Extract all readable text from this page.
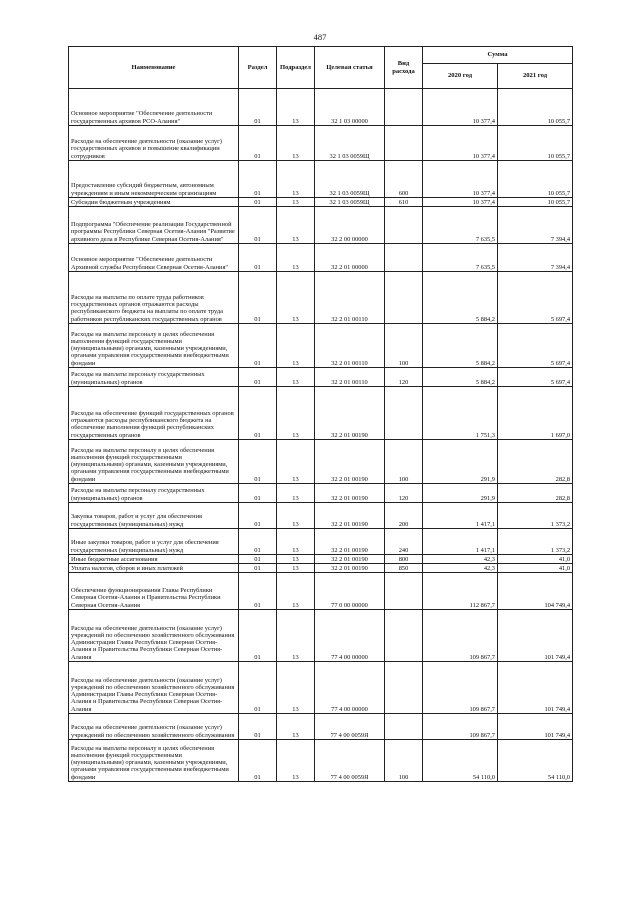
487
Наименование	Раздел	Подраздел	Целевая статья	Вид расхода	Сумма	
					2020 год	2021 год
Основное мероприятие "Обеспечение деятельности государственных архивов РСО-Алания"	01	13	32 1 03 00000		10 377,4	10 055,7
Расходы на обеспечение деятельности (оказание услуг) государственных архивов и повышение квалификации сотрудников	01	13	32 1 03 0059Щ		10 377,4	10 055,7
Предоставление субсидий бюджетным, автономным учреждениям и иным некоммерческим организациям	01	13	32 1 03 0059Щ	600	10 377,4	10 055,7
Субсидии бюджетным учреждениям	01	13	32 1 03 0059Щ	610	10 377,4	10 055,7
Подпрограмма "Обеспечение реализации Государственной программы Республики Северная Осетия-Алания "Развитие архивного дела в Республике Северная Осетия-Алания"	01	13	32 2 00 00000		7 635,5	7 394,4
Основное мероприятие "Обеспечение деятельности Архивной службы Республики Северная Осетия-Алания"	01	13	32 2 01 00000		7 635,5	7 394,4
Расходы на выплаты по оплате труда работников государственных органов отражаются расходы республиканского бюджета на выплаты по оплате труда работников республиканских государственных органов	01	13	32 2 01 00110		5 884,2	5 697,4
Расходы на выплаты персоналу в целях обеспечения выполнения функций государственными (муниципальными) органами, казенными учреждениями, органами управления государственными внебюджетными фондами	01	13	32 2 01 00110	100	5 884,2	5 697,4
Расходы на выплаты персоналу государственных (муниципальных) органов	01	13	32 2 01 00110	120	5 884,2	5 697,4
Расходы на обеспечение функций государственных органов отражаются расходы республиканского бюджета на обеспечение выполнения функций республиканских государственных органов	01	13	32 2 01 00190		1 751,3	1 697,0
Расходы на выплаты персоналу в целях обеспечения выполнения функций государственными (муниципальными) органами, казенными учреждениями, органами управления государственными внебюджетными фондами	01	13	32 2 01 00190	100	291,9	282,8
Расходы на выплаты персоналу государственных (муниципальных) органов	01	13	32 2 01 00190	120	291,9	282,8
Закупка товаров, работ и услуг для обеспечения государственных (муниципальных) нужд	01	13	32 2 01 00190	200	1 417,1	1 373,2
Иные закупки товаров, работ и услуг для обеспечения государственных (муниципальных) нужд	01	13	32 2 01 00190	240	1 417,1	1 373,2
Иные бюджетные ассигнования	01	13	32 2 01 00190	800	42,3	41,0
Уплата налогов, сборов и иных платежей	01	13	32 2 01 00190	850	42,3	41,0
Обеспечение функционирования Главы Республики Северная Осетия-Алания и Правительства Республики Северная Осетия-Алания	01	13	77 0 00 00000		112 867,7	104 749,4
Расходы на обеспечение деятельности (оказание услуг) учреждений по обеспечению хозяйственного обслуживания Администрации Главы Республики Северная Осетия-Алания и Правительства Республики Северная Осетия-Алания	01	13	77 4 00 00000		109 867,7	101 749,4
Расходы на обеспечение деятельности (оказание услуг) учреждений по обеспечению хозяйственного обслуживания Администрации Главы Республики Северная Осетия-Алания и Правительства Республики Северная Осетия-Алания	01	13	77 4 00 00000		109 867,7	101 749,4
Расходы на обеспечение деятельности (оказание услуг) учреждений по обеспечению хозяйственного обслуживания	01	13	77 4 00 0059Я		109 867,7	101 749,4
Расходы на выплаты персоналу в целях обеспечения выполнения функций государственными (муниципальными) органами, казенными учреждениями, органами управления государственными внебюджетными фондами	01	13	77 4 00 0059Я	100	54 110,0	54 110,0
